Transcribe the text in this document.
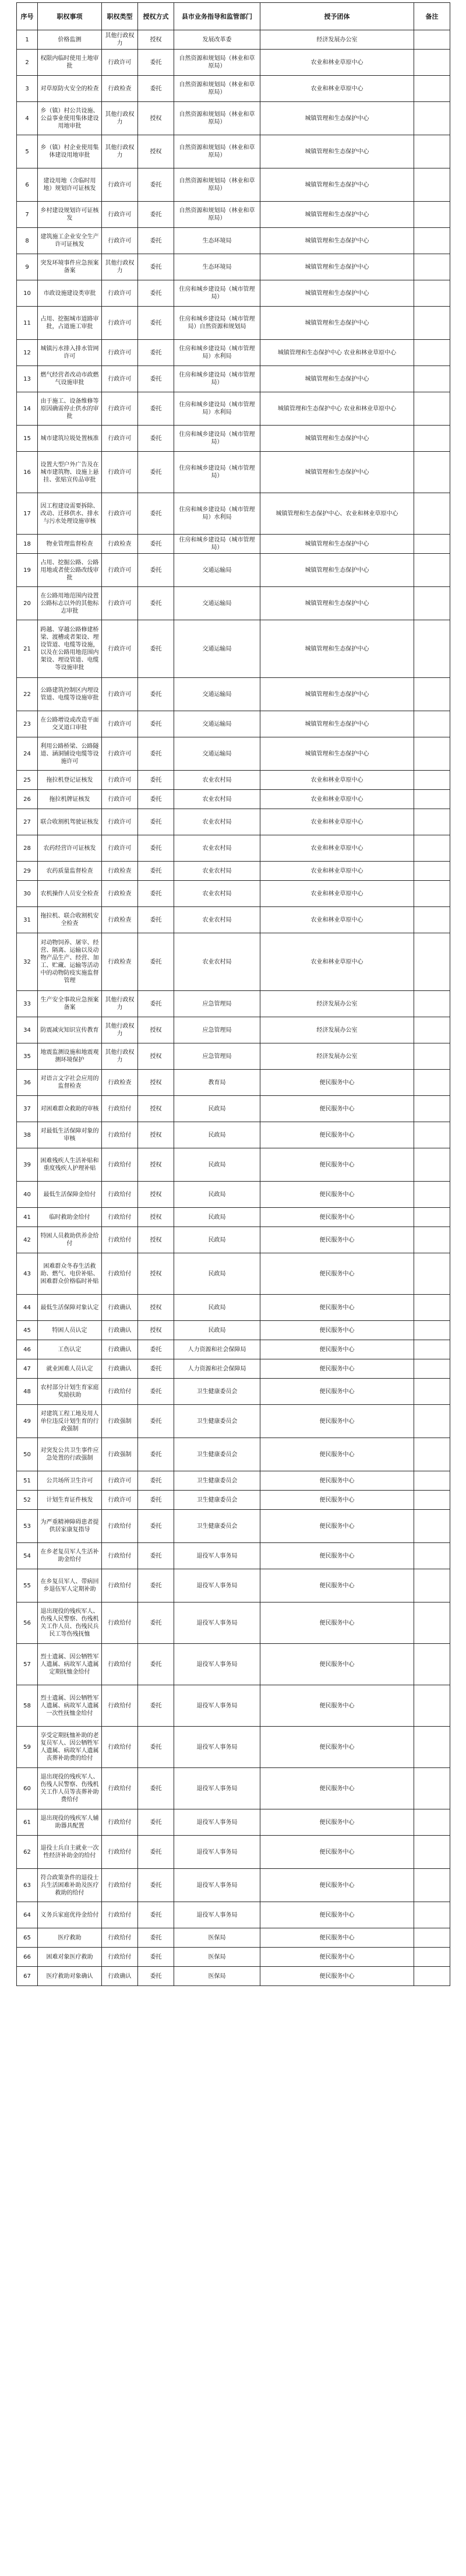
序号	职权事项	职权类型	授权方式	县市业务指导和监管部门	授予团体	备注
1	价格监测	其他行政权力	授权	发展改革委	经济发展办公室	
2	权限内临时使用土地审批	行政许可	委托	自然资源和规划局（林业和草原局）	农业和林业草原中心	
3	对草原防火安全的检查	行政检查	委托	自然资源和规划局（林业和草原局）	农业和林业草原中心	
4	乡（镇）村公共设施、公益事业使用集体建设用地审批	其他行政权力	授权	自然资源和规划局（林业和草原局）	城镇管理和生态保护中心	
5	乡（镇）村企业使用集体建设用地审批	其他行政权力	授权	自然资源和规划局（林业和草原局）	城镇管理和生态保护中心	
6	建设用地（含临时用地）规划许可证核发	行政许可	委托	自然资源和规划局（林业和草原局）	城镇管理和生态保护中心	
7	乡村建设规划许可证核发	行政许可	委托	自然资源和规划局（林业和草原局）	城镇管理和生态保护中心	
8	建筑施工企业安全生产许可证核发	行政许可	委托	生态环境局	城镇管理和生态保护中心	
9	突发环境事件应急预案备案	其他行政权力	委托	生态环境局	城镇管理和生态保护中心	
10	市政设施建设类审批	行政许可	委托	住房和城乡建设局（城市管理局）	城镇管理和生态保护中心	
11	占用、挖掘城市道路审批，占道施工审批	行政许可	委托	住房和城乡建设局（城市管理局）自然资源和规划局	城镇管理和生态保护中心	
12	城镇污水排入排水管网许可	行政许可	委托	住房和城乡建设局（城市管理局）水利局	城镇管理和生态保护中心 农业和林业草原中心	
13	燃气经营者改动市政燃气设施审批	行政许可	委托	住房和城乡建设局（城市管理局）	城镇管理和生态保护中心	
14	由于施工、设备维修等原因确需停止供水的审批	行政许可	委托	住房和城乡建设局（城市管理局）水利局	城镇管理和生态保护中心 农业和林业草原中心	
15	城市建筑垃圾处置核准	行政许可	委托	住房和城乡建设局（城市管理局）	城镇管理和生态保护中心	
16	设置大型户外广告及在城市建筑物、设施上悬挂、张贴宣传品审批	行政许可	委托	住房和城乡建设局（城市管理局）	城镇管理和生态保护中心	
17	因工程建设需要拆除、改动、迁移供水、排水与污水处理设施审核	行政许可	委托	住房和城乡建设局（城市管理局）水利局	城镇管理和生态保护中心、农业和林业草原中心	
18	物业管理监督检查	行政检查	委托	住房和城乡建设局（城市管理局）	城镇管理和生态保护中心	
19	占用、挖掘公路、公路用地或者使公路改线审批	行政许可	委托	交通运输局	城镇管理和生态保护中心	
20	在公路用地范围内设置公路标志以外的其他标志审批	行政许可	委托	交通运输局	城镇管理和生态保护中心	
21	跨越、穿越公路修建桥梁、渡槽或者架设、埋设管道、电缆等设施，以及在公路用地范围内架设、埋设管道、电缆等设施审批	行政许可	委托	交通运输局	城镇管理和生态保护中心	
22	公路建筑控制区内埋设管道、电缆等设施审批	行政许可	委托	交通运输局	城镇管理和生态保护中心	
23	在公路增设或改造平面交叉道口审批	行政许可	委托	交通运输局	城镇管理和生态保护中心	
24	利用公路桥梁、公路隧道、涵洞铺设电缆等设施许可	行政许可	委托	交通运输局	城镇管理和生态保护中心	
25	拖拉机登记证核发	行政许可	委托	农业农村局	农业和林业草原中心	
26	拖拉机牌证核发	行政许可	委托	农业农村局	农业和林业草原中心	
27	联合收割机驾驶证核发	行政许可	委托	农业农村局	农业和林业草原中心	
28	农药经营许可证核发	行政许可	委托	农业农村局	农业和林业草原中心	
29	农药质量监督检查	行政检查	委托	农业农村局	农业和林业草原中心	
30	农机操作人员安全检查	行政检查	委托	农业农村局	农业和林业草原中心	
31	拖拉机、联合收割机安全检查	行政检查	委托	农业农村局	农业和林业草原中心	
32	对动物饲养、屠宰、经营、隔离、运输以及动物产品生产、经营、加工、贮藏、运输等活动中的动物防疫实施监督管理	行政检查	委托	农业农村局	农业和林业草原中心	
33	生产安全事故应急预案备案	其他行政权力	委托	应急管理局	经济发展办公室	
34	防震减灾知识宣传教育	其他行政权力	授权	应急管理局	经济发展办公室	
35	地震监测设施和地震观测环境保护	其他行政权力	授权	应急管理局	经济发展办公室	
36	对语言文字社会应用的监督检查	行政检查	授权	教育局	便民服务中心	
37	对困难群众救助的审核	行政给付	授权	民政局	便民服务中心	
38	对最低生活保障对象的审核	行政给付	授权	民政局	便民服务中心	
39	困难残疾人生活补贴和重度残疾人护理补贴	行政给付	授权	民政局	便民服务中心	
40	最低生活保障金给付	行政给付	授权	民政局	便民服务中心	
41	临时救助金给付	行政给付	授权	民政局	便民服务中心	
42	特困人员救助供养金给付	行政给付	授权	民政局	便民服务中心	
43	困难群众冬春生活救助、燃气、电价补贴、困难群众价格临时补贴	行政给付	授权	民政局	便民服务中心	
44	最低生活保障对象认定	行政确认	授权	民政局	便民服务中心	
45	特困人员认定	行政确认	授权	民政局	便民服务中心	
46	工伤认定	行政确认	委托	人力资源和社会保障局	便民服务中心	
47	就业困难人员认定	行政确认	委托	人力资源和社会保障局	便民服务中心	
48	农村部分计划生育家庭奖励扶助	行政给付	委托	卫生健康委员会	便民服务中心	
49	对建筑工程工地及用人单位违反计划生育的行政强制	行政强制	委托	卫生健康委员会	便民服务中心	
50	对突发公共卫生事件应急处置的行政强制	行政强制	委托	卫生健康委员会	便民服务中心	
51	公共场所卫生许可	行政许可	委托	卫生健康委员会	便民服务中心	
52	计划生育证件核发	行政许可	委托	卫生健康委员会	便民服务中心	
53	为严重精神障碍患者提供居家康复指导	行政给付	委托	卫生健康委员会	便民服务中心	
54	在乡老复员军人生活补助金给付	行政给付	委托	退役军人事务局	便民服务中心	
55	在乡复员军人、带病回乡退伍军人定期补助	行政给付	委托	退役军人事务局	便民服务中心	
56	退出现役的残疾军人、伤残人民警察、伤残机关工作人员、伤残民兵民工等伤残抚恤	行政给付	委托	退役军人事务局	便民服务中心	
57	烈士遗属、因公牺牲军人遗属、病故军人遗属定期抚恤金给付	行政给付	委托	退役军人事务局	便民服务中心	
58	烈士遗属、因公牺牲军人遗属、病故军人遗属一次性抚恤金给付	行政给付	委托	退役军人事务局	便民服务中心	
59	享受定期抚恤补助的老复员军人、因公牺牲军人遗属、病故军人遗属丧葬补助费的给付	行政给付	委托	退役军人事务局	便民服务中心	
60	退出现役的残疾军人、伤残人民警察、伤残机关工作人员等丧葬补助费给付	行政给付	委托	退役军人事务局	便民服务中心	
61	退出现役的残疾军人辅助器具配置	行政给付	委托	退役军人事务局	便民服务中心	
62	退役士兵自主就业一次性经济补助金的给付	行政给付	委托	退役军人事务局	便民服务中心	
63	符合政策条件的退役士兵生活困难补助及医疗救助的给付	行政给付	委托	退役军人事务局	便民服务中心	
64	义务兵家庭优待金给付	行政给付	委托	退役军人事务局	便民服务中心	
65	医疗救助	行政给付	委托	医保局	便民服务中心	
66	困难对象医疗救助	行政给付	委托	医保局	便民服务中心	
67	医疗救助对象确认	行政确认	委托	医保局	便民服务中心	
